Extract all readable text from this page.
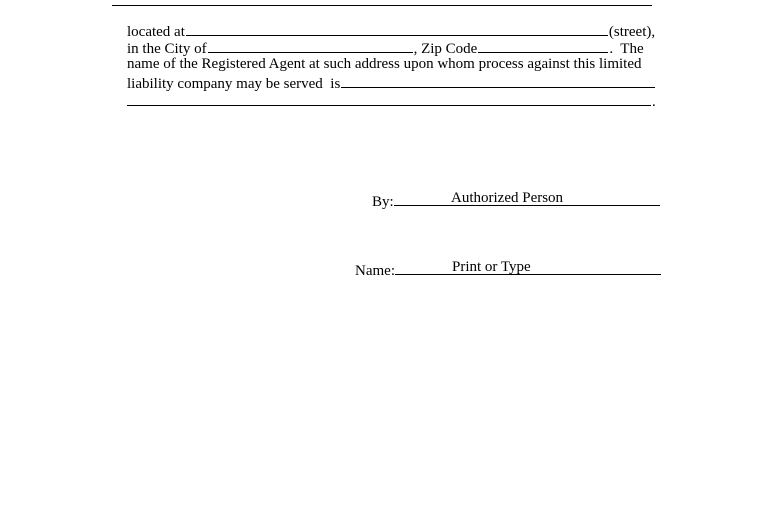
located at	(street),

in the City of	, Zip Code	.  The

name of the Registered Agent at such address upon whom process against this limited

liability company may be served  is

.

By:
	Authorized Person

Name:
	Print or Type
